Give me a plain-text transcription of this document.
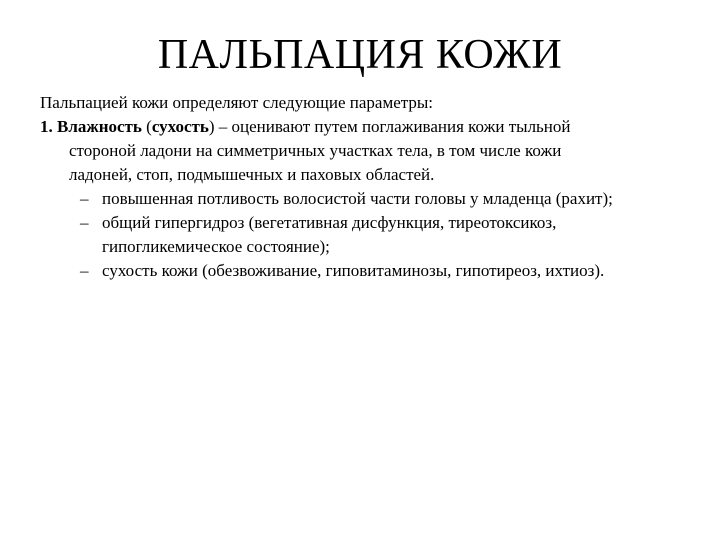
ПАЛЬПАЦИЯ КОЖИ
Пальпацией кожи определяют следующие параметры:
1. Влажность (сухость) – оценивают путем поглаживания кожи тыльной
стороной ладони на симметричных участках тела, в том числе кожи
ладоней, стоп, подмышечных и паховых областей.
– повышенная потливость волосистой части головы у младенца (рахит);
– общий гипергидроз (вегетативная дисфункция, тиреотоксикоз,
гипогликемическое состояние);
– сухость кожи (обезвоживание, гиповитаминозы, гипотиреоз, ихтиоз).
